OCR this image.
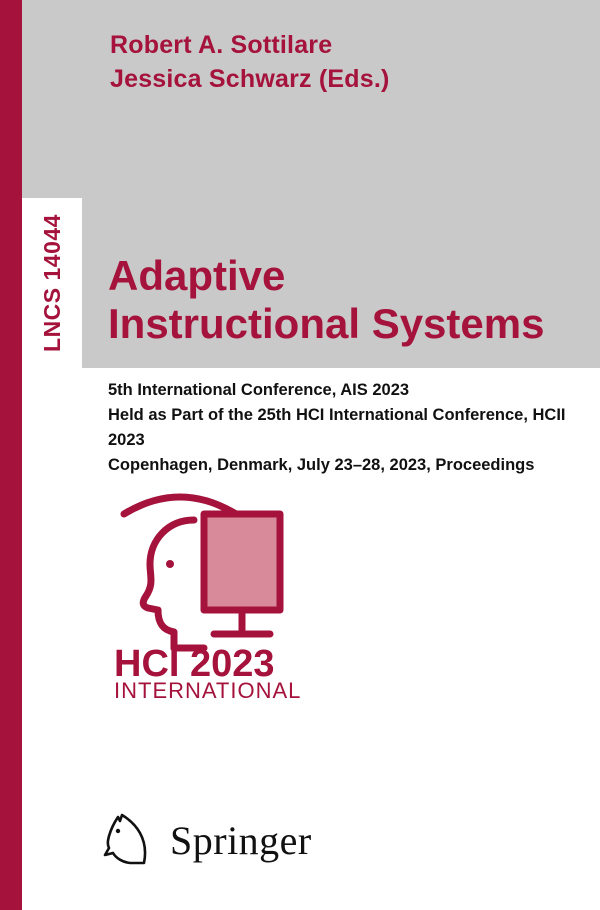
LNCS 14044
Robert A. Sottilare
Jessica Schwarz (Eds.)
Adaptive
Instructional Systems
5th International Conference, AIS 2023
Held as Part of the 25th HCI International Conference, HCII 2023
Copenhagen, Denmark, July 23–28, 2023, Proceedings
HCI 2023
INTERNATIONAL
Springer
